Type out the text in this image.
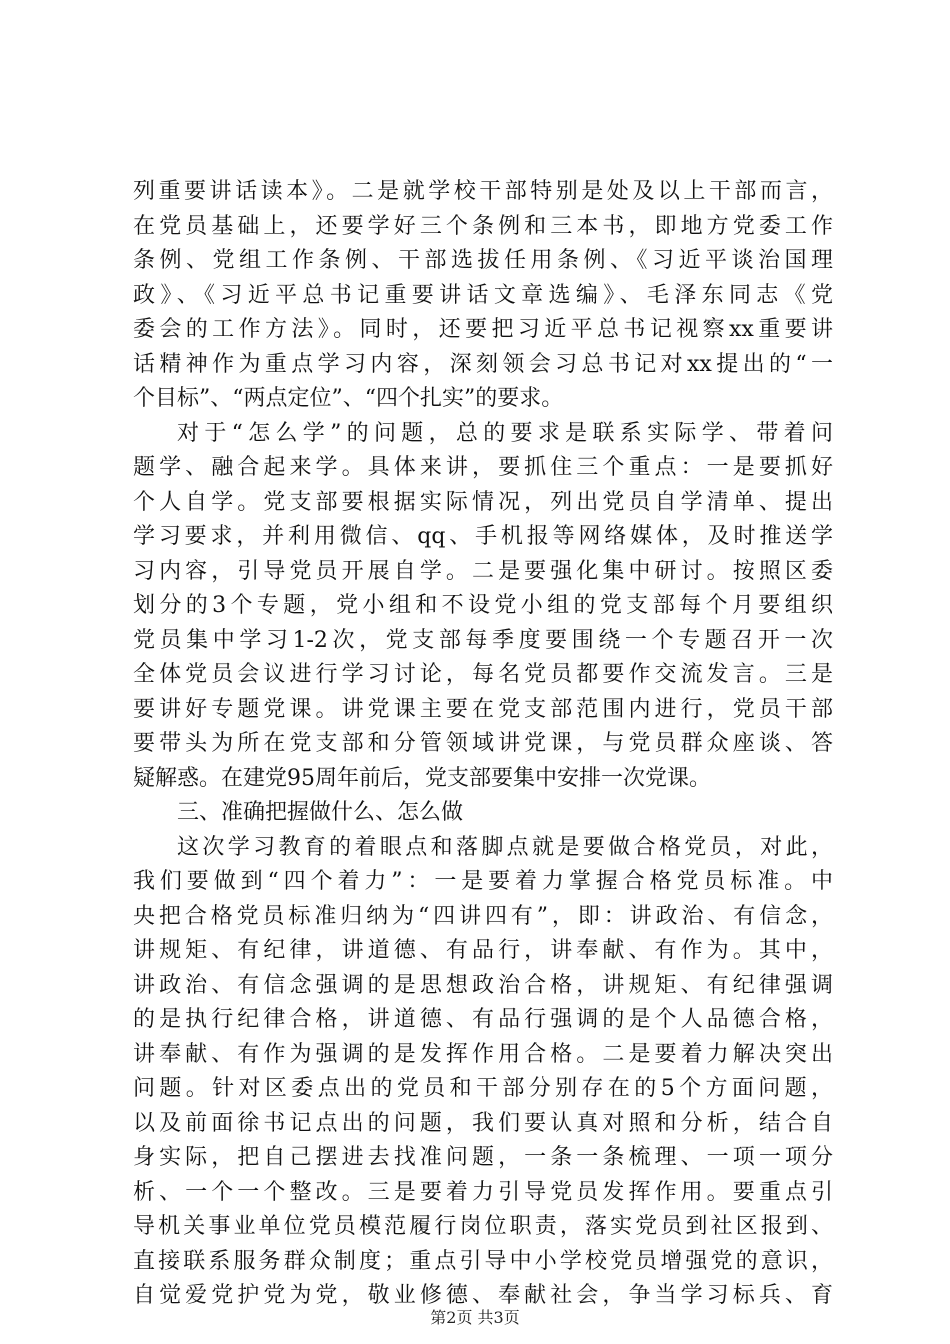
列重要讲话读本》。二是就学校干部特别是处及以上干部而言，
在党员基础上，还要学好三个条例和三本书，即地方党委工作
条例、党组工作条例、干部选拔任用条例、《习近平谈治国理
政》、《习近平总书记重要讲话文章选编》、毛泽东同志《党
委会的工作方法》。同时，还要把习近平总书记视察xx重要讲
话精神作为重点学习内容，深刻领会习总书记对xx提出的“一
个目标”、“两点定位”、“四个扎实”的要求。
对于“怎么学”的问题，总的要求是联系实际学、带着问
题学、融合起来学。具体来讲，要抓住三个重点：一是要抓好
个人自学。党支部要根据实际情况，列出党员自学清单、提出
学习要求，并利用微信、qq、手机报等网络媒体，及时推送学
习内容，引导党员开展自学。二是要强化集中研讨。按照区委
划分的3个专题，党小组和不设党小组的党支部每个月要组织
党员集中学习1-2次，党支部每季度要围绕一个专题召开一次
全体党员会议进行学习讨论，每名党员都要作交流发言。三是
要讲好专题党课。讲党课主要在党支部范围内进行，党员干部
要带头为所在党支部和分管领域讲党课，与党员群众座谈、答
疑解惑。在建党95周年前后，党支部要集中安排一次党课。
三、准确把握做什么、怎么做
这次学习教育的着眼点和落脚点就是要做合格党员，对此，
我们要做到“四个着力”：一是要着力掌握合格党员标准。中
央把合格党员标准归纳为“四讲四有”，即：讲政治、有信念，
讲规矩、有纪律，讲道德、有品行，讲奉献、有作为。其中，
讲政治、有信念强调的是思想政治合格，讲规矩、有纪律强调
的是执行纪律合格，讲道德、有品行强调的是个人品德合格，
讲奉献、有作为强调的是发挥作用合格。二是要着力解决突出
问题。针对区委点出的党员和干部分别存在的5个方面问题，
以及前面徐书记点出的问题，我们要认真对照和分析，结合自
身实际，把自己摆进去找准问题，一条一条梳理、一项一项分
析、一个一个整改。三是要着力引导党员发挥作用。要重点引
导机关事业单位党员模范履行岗位职责，落实党员到社区报到、
直接联系服务群众制度；重点引导中小学校党员增强党的意识，
自觉爱党护党为党，敬业修德、奉献社会，争当学习标兵、育
第2页 共3页
